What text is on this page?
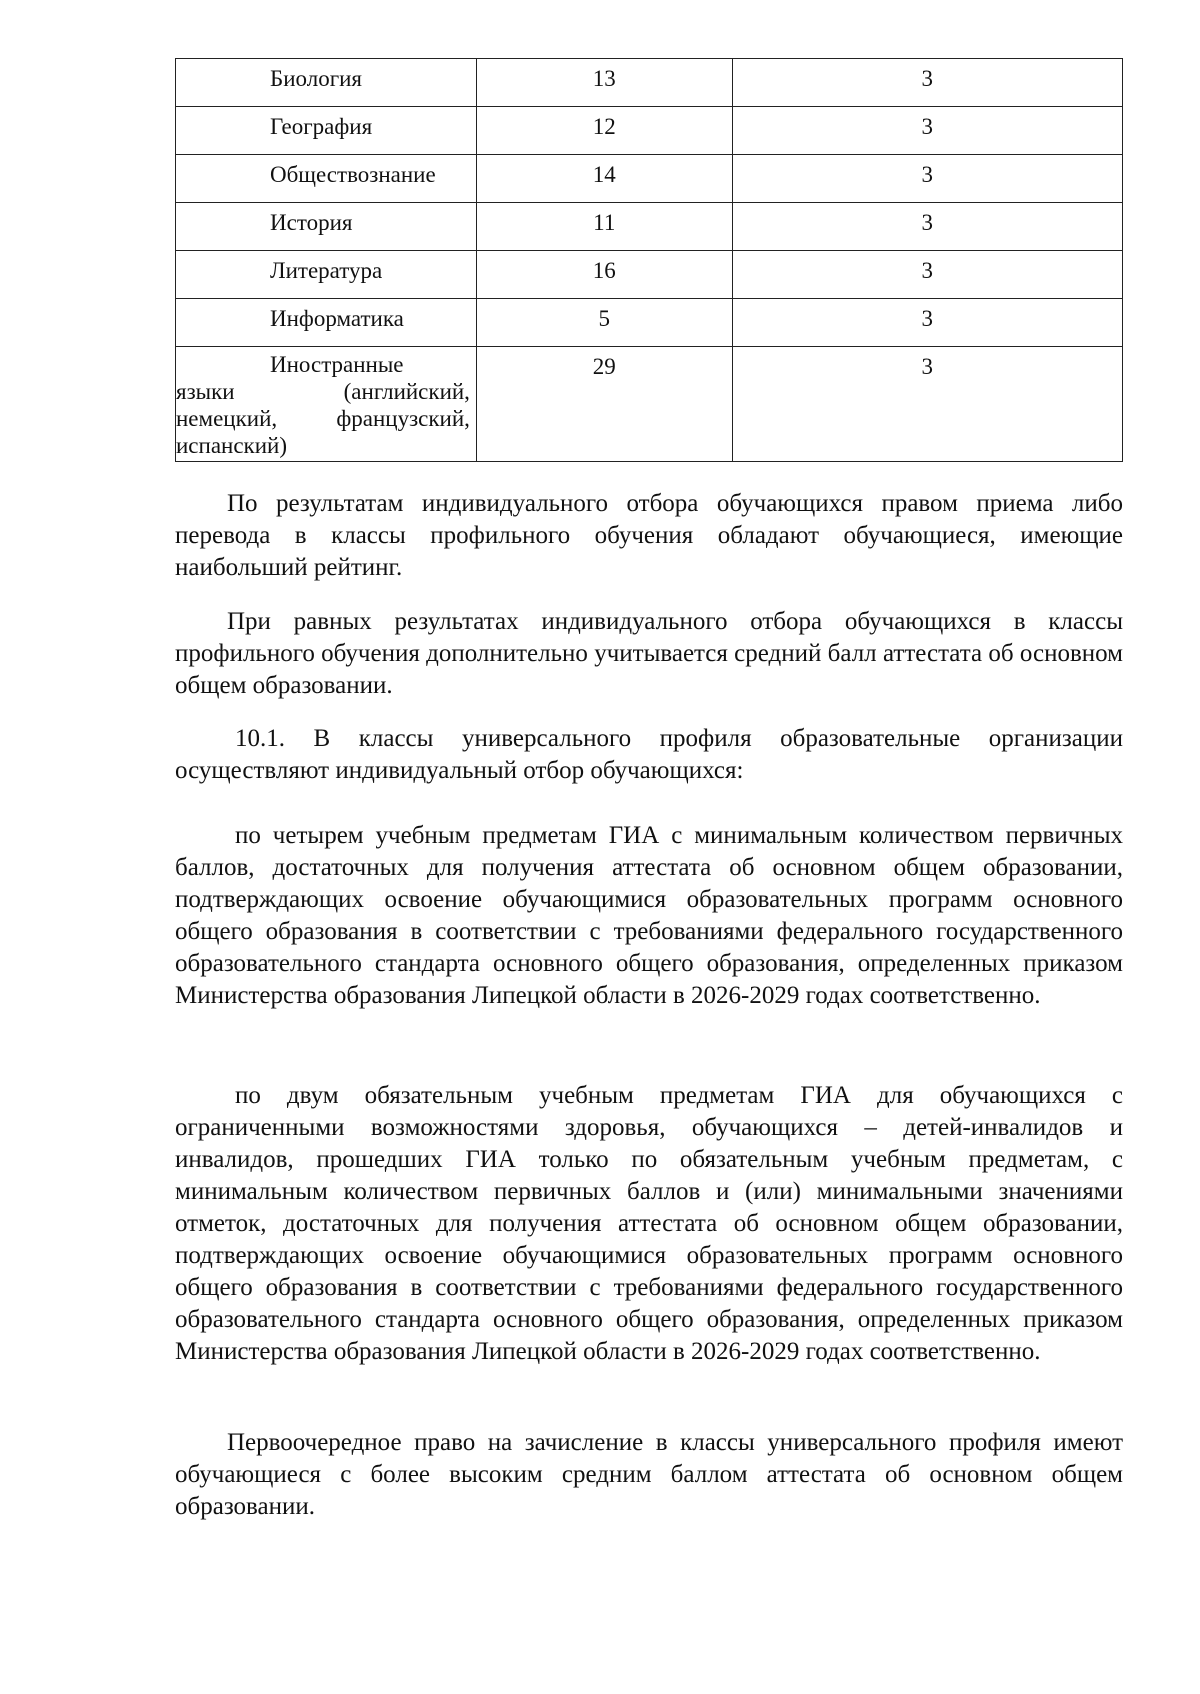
Биология	13	3

География	12	3

Обществознание	14	3

История	11	3

Литература	16	3

Информатика	5	3

Иностранные
языки (английский, немецкий, французский, испанский)	29	3

По результатам индивидуального отбора обучающихся правом приема либо перевода в классы профильного обучения обладают обучающиеся, имеющие наибольший рейтинг.

При равных результатах индивидуального отбора обучающихся в классы профильного обучения дополнительно учитывается средний балл аттестата об основном общем образовании.

10.1. В классы универсального профиля образовательные организации осуществляют индивидуальный отбор обучающихся:

по четырем учебным предметам ГИА с минимальным количеством первичных баллов, достаточных для получения аттестата об основном общем образовании, подтверждающих освоение обучающимися образовательных программ основного общего образования в соответствии с требованиями федерального государственного образовательного стандарта основного общего образования, определенных приказом Министерства образования Липецкой области в 2026-2029 годах соответственно.

по двум обязательным учебным предметам ГИА для обучающихся с ограниченными возможностями здоровья, обучающихся – детей-инвалидов и инвалидов, прошедших ГИА только по обязательным учебным предметам, с минимальным количеством первичных баллов и (или) минимальными значениями отметок, достаточных для получения аттестата об основном общем образовании, подтверждающих освоение обучающимися образовательных программ основного общего образования в соответствии с требованиями федерального государственного образовательного стандарта основного общего образования, определенных приказом Министерства образования Липецкой области в 2026-2029 годах соответственно.

Первоочередное право на зачисление в классы универсального профиля имеют обучающиеся с более высоким средним баллом аттестата об основном общем образовании.
